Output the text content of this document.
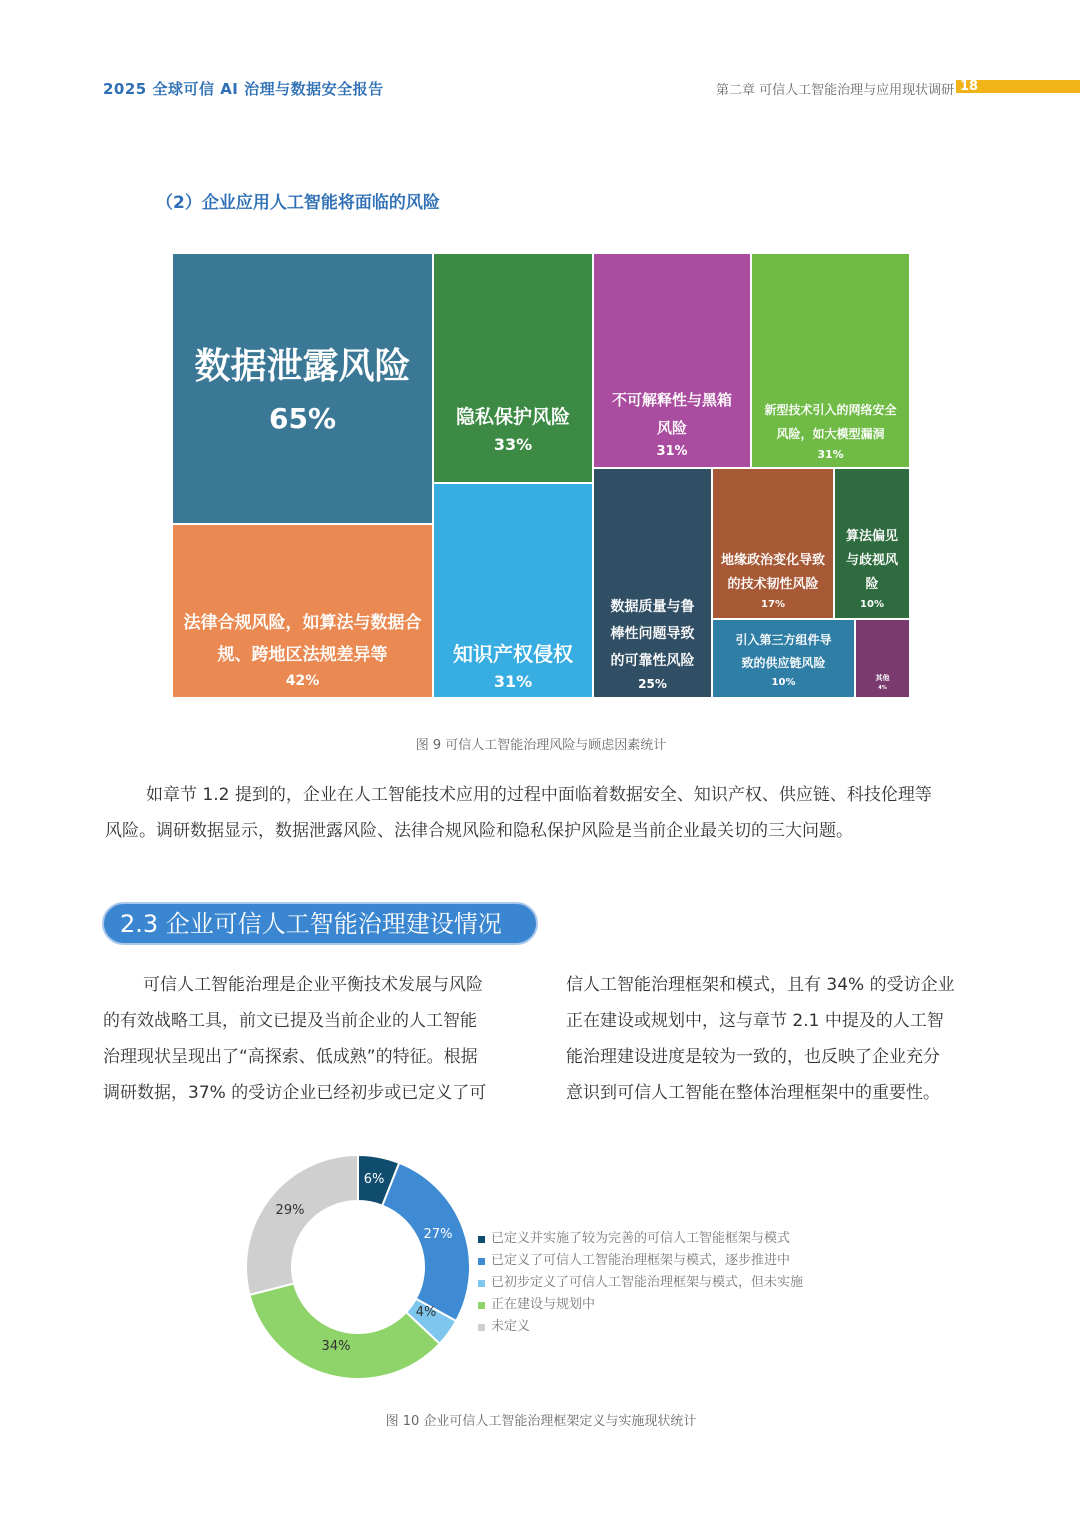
2025 全球可信 AI 治理与数据安全报告	第二章 可信人工智能治理与应用现状调研 18
（2）企业应用人工智能将面临的风险
数据泄露风险
65%
法律合规风险，如算法与数据合规、跨地区法规差异等
42%
隐私保护风险
33%
知识产权侵权
31%
不可解释性与黑箱风险
31%
新型技术引入的网络安全风险，如大模型漏洞
31%
数据质量与鲁棒性问题导致的可靠性风险
25%
地缘政治变化导致的技术韧性风险
17%
算法偏见与歧视风险
10%
引入第三方组件导致的供应链风险
10%	其他
4%
图 9 可信人工智能治理风险与顾虑因素统计
如章节 1.2 提到的，企业在人工智能技术应用的过程中面临着数据安全、知识产权、供应链、科技伦理等
风险。调研数据显示，数据泄露风险、法律合规风险和隐私保护风险是当前企业最关切的三大问题。
2.3 企业可信人工智能治理建设情况
可信人工智能治理是企业平衡技术发展与风险
的有效战略工具，前文已提及当前企业的人工智能
治理现状呈现出了“高探索、低成熟”的特征。根据
调研数据，37% 的受访企业已经初步或已定义了可
信人工智能治理框架和模式，且有 34% 的受访企业
正在建设或规划中，这与章节 2.1 中提及的人工智
能治理建设进度是较为一致的，也反映了企业充分
意识到可信人工智能在整体治理框架中的重要性。
6%
27%
4%
34%
29%
已定义并实施了较为完善的可信人工智能框架与模式
已定义了可信人工智能治理框架与模式，逐步推进中
已初步定义了可信人工智能治理框架与模式，但未实施
正在建设与规划中
未定义
图 10 企业可信人工智能治理框架定义与实施现状统计
